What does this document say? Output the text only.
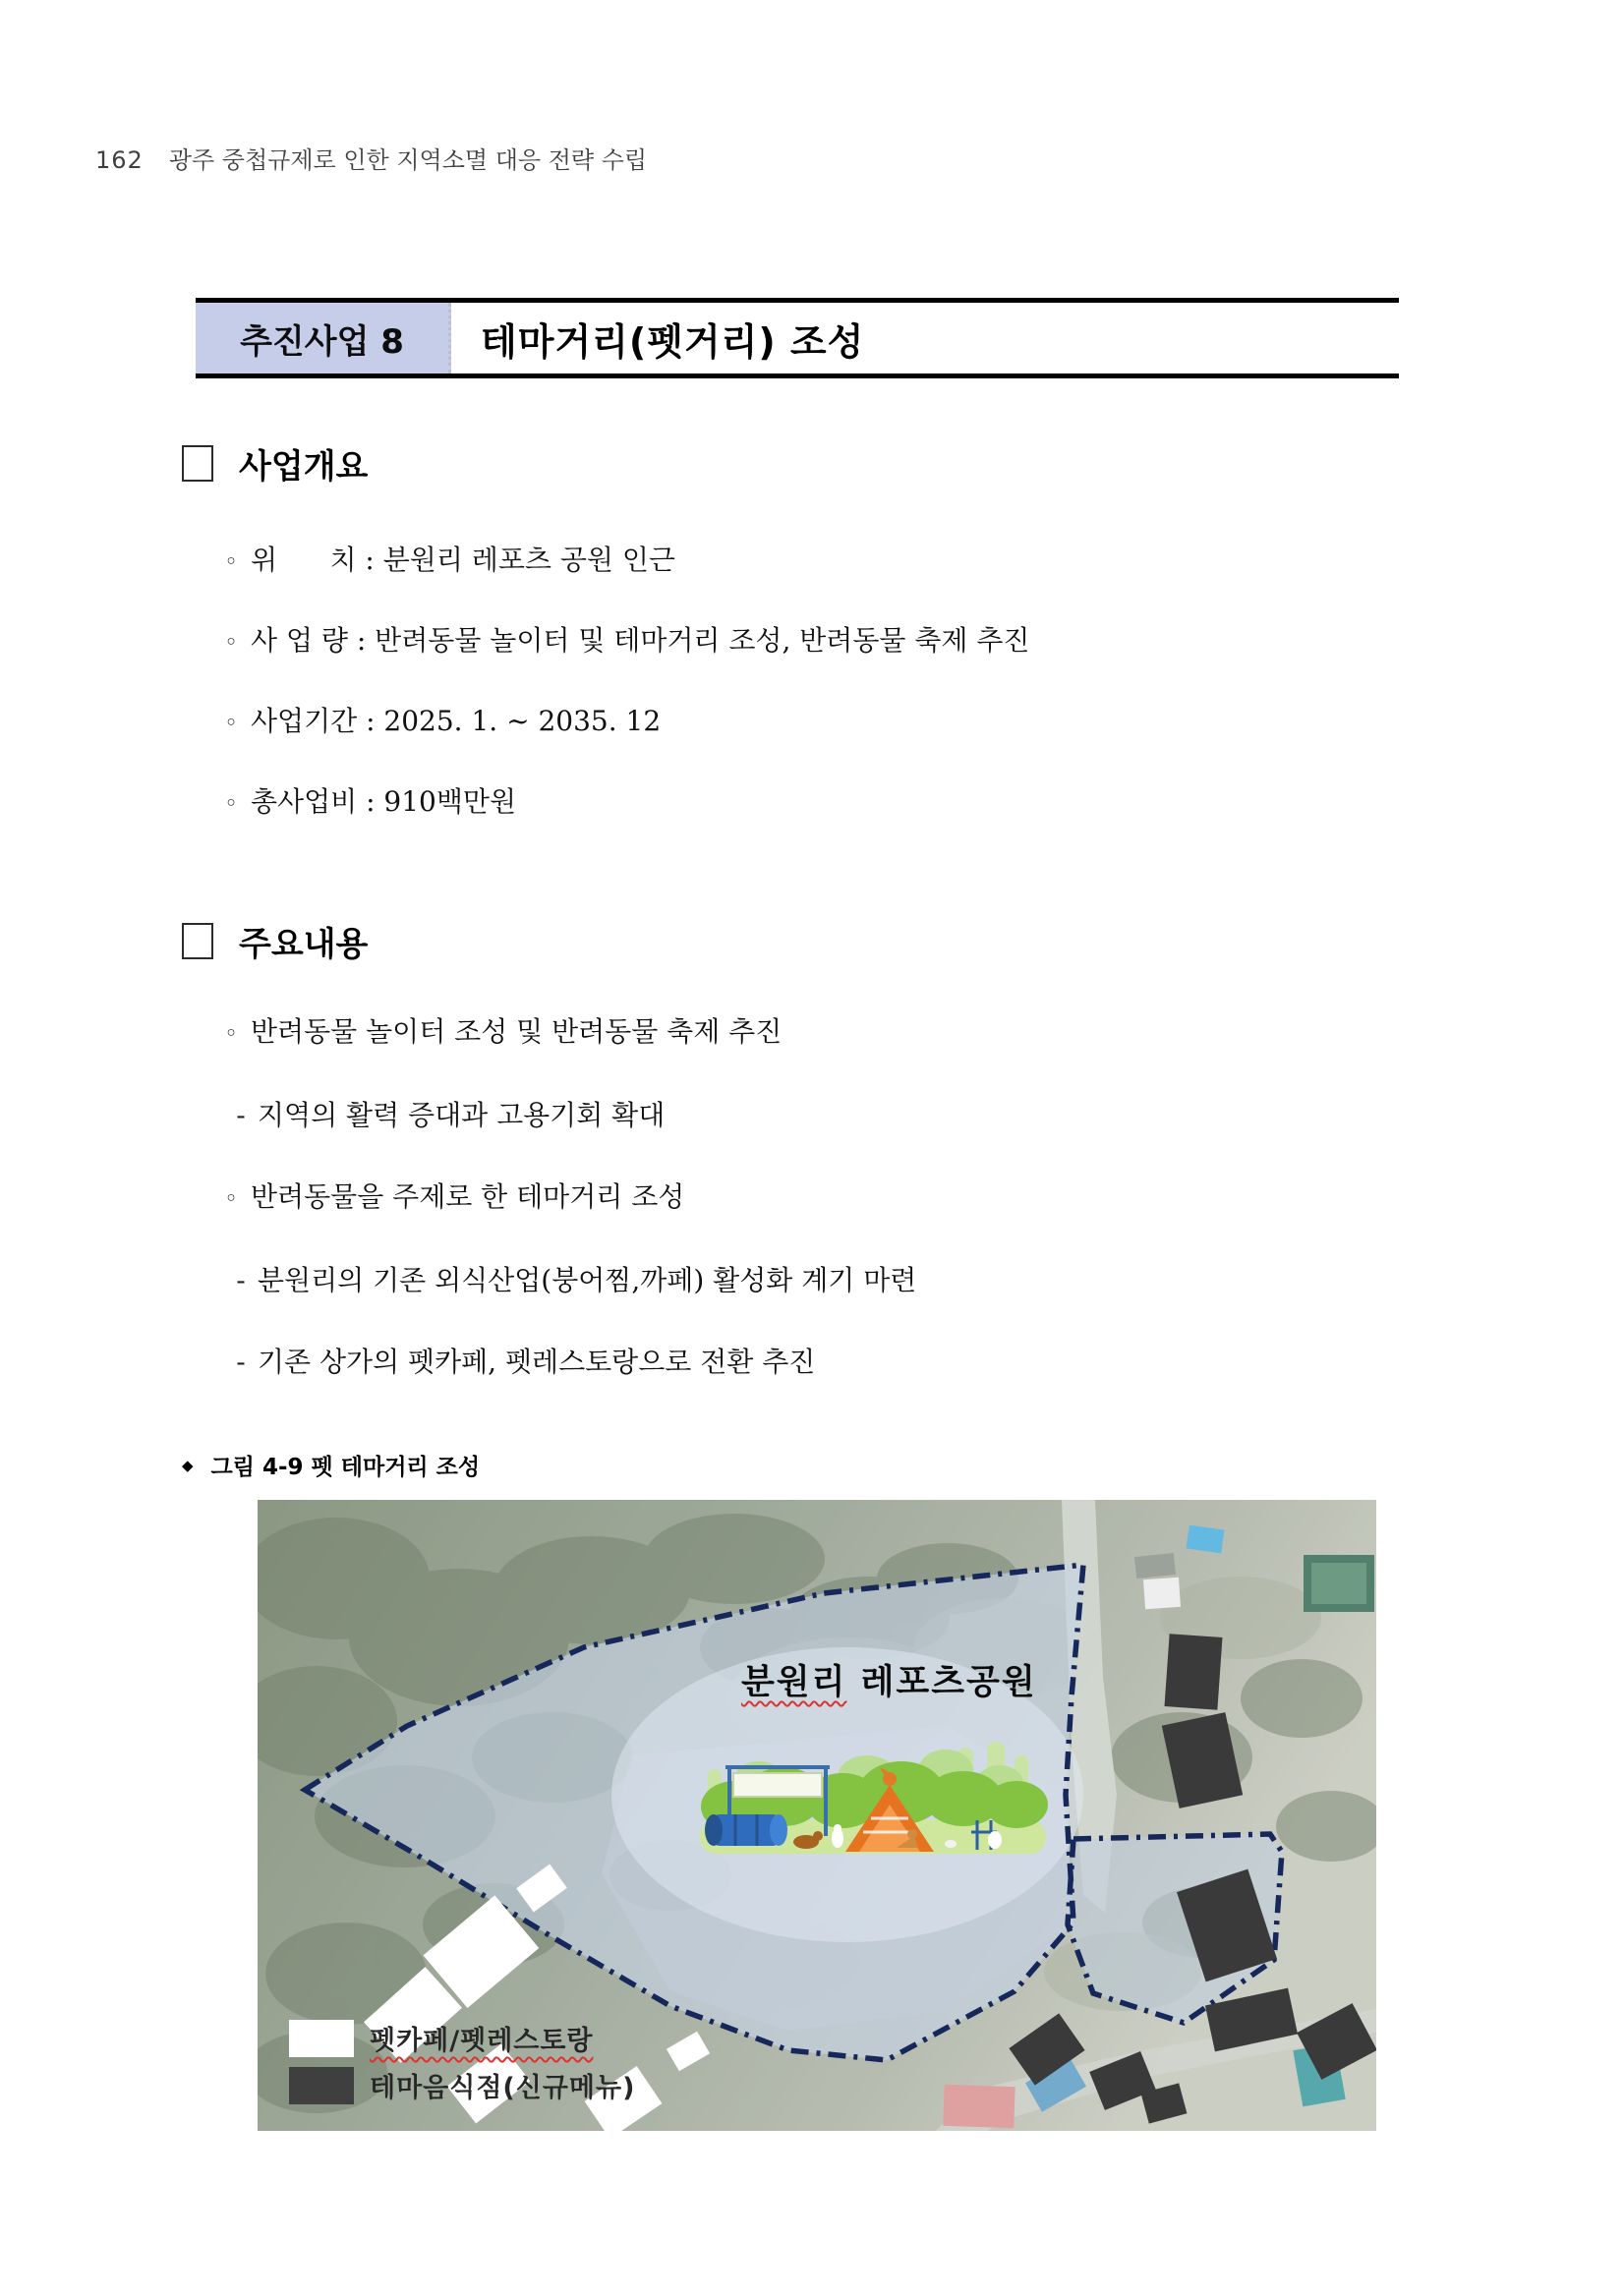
162 광주 중첩규제로 인한 지역소멸 대응 전략 수립
추진사업 8	테마거리(펫거리) 조성
사업개요
◦ 위      치 : 분원리 레포츠 공원 인근
◦ 사 업 량 : 반려동물 놀이터 및 테마거리 조성, 반려동물 축제 추진
◦ 사업기간 : 2025. 1. ~ 2035. 12
◦ 총사업비 : 910백만원
주요내용
◦ 반려동물 놀이터 조성 및 반려동물 축제 추진
- 지역의 활력 증대과 고용기회 확대
◦ 반려동물을 주제로 한 테마거리 조성
- 분원리의 기존 외식산업(붕어찜,까페) 활성화 계기 마련
- 기존 상가의 펫카페, 펫레스토랑으로 전환 추진
◆ 그림 4-9 펫 테마거리 조성
분원리 레포츠공원
펫카페/펫레스토랑
테마음식점(신규메뉴)
